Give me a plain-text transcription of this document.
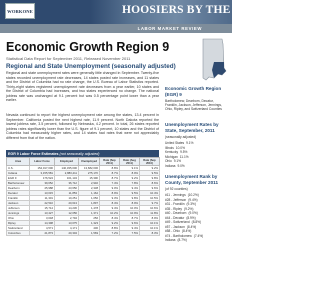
WORKONE	HOOSIERS BY THE NUMBERS
LABOR MARKET REVIEW
Economic Growth Region 9
Statistical Data Report for September 2011, Released November 2011
Regional and State Unemployment (seasonally adjusted)
Regional and state unemployment rates were generally little changed in September. Twenty-five states recorded unemployment rate decreases, 14 states posted rate increases, and 11 states and the District of Columbia had no rate change, the U.S. Bureau of Labor Statistics reported. Thirty-eight states registered unemployment rate decreases from a year earlier, 10 states and the District of Columbia had increases, and two states experienced no change. The national jobless rate was unchanged at 9.1 percent but was 0.5 percentage point lower than a year earlier.
Nevada continued to report the highest unemployment rate among the states, 13.4 percent in September. California posted the next highest rate, 11.9 percent. North Dakota reported the lowest jobless rate, 3.5 percent, followed by Nebraska, 4.2 percent. In total, 26 states reported jobless rates significantly lower than the U.S. figure of 9.1 percent, 10 states and the District of Columbia had measurably higher rates, and 14 states had rates that were not appreciably different from that of the nation.
EGR 9 Labor Force Estimates (not seasonally adjusted)
Area	Labor Force	Employed	Unemployed	Rate (Sep 2011)	Rate (Aug 2011)	Rate (Sep 2010)
U.S.	154,017,000	140,335,000	13,682,000	8.8%	9.1%	9.2%
Indiana	3,155,581	2,880,411	275,170	8.7%	8.9%	9.5%
EGR 9	176,524	161,134	15,390	8.7%	9.2%	9.8%
Bartholomew	39,652	36,712	2,940	7.4%	7.8%	8.6%
Dearborn	25,988	23,650	2,338	9.0%	9.4%	9.6%
Decatur	13,015	11,853	1,162	8.9%	9.5%	10.4%
Franklin	11,301	10,251	1,050	9.3%	9.8%	10.5%
Jackson	22,510	20,613	1,897	8.4%	8.9%	9.7%
Jefferson	15,714	14,236	1,478	9.4%	10.0%	10.6%
Jennings	13,427	12,056	1,371	10.2%	10.9%	11.8%
Ohio	3,048	2,792	256	8.4%	8.7%	8.9%
Ripley	14,398	13,075	1,323	9.2%	9.6%	10.1%
Switzerland	4,571	4,171	400	8.8%	9.4%	10.1%
Columbus	21,873	20,304	1,569	7.2%	7.5%	8.3%
Economic Growth Region (EGR) 9
Bartholomew, Dearborn, Decatur, Franklin, Jackson, Jefferson, Jennings, Ohio, Ripley, and Switzerland Counties
Unemployment Rates by State, September, 2011
(seasonally adjusted)
United States 9.1%
Illinois 10.0%
Kentucky 9.5%
Michigan 11.1%
Ohio 9.1%
Indiana 9.0%
Unemployment Rank by County, September 2011
(of 92 counties)
#11 - Jennings (10.2%)
#28 - Jefferson (9.4%)
#31 - Franklin (9.3%)
#35 - Ripley (9.2%)
#40 - Dearborn (9.0%)
#44 - Decatur (8.9%)
#49 - Switzerland (8.8%)
#57 - Jackson (8.4%)
#58 - Ohio (8.4%)
#74 - Bartholomew (7.4%)
Indiana (8.7%)
